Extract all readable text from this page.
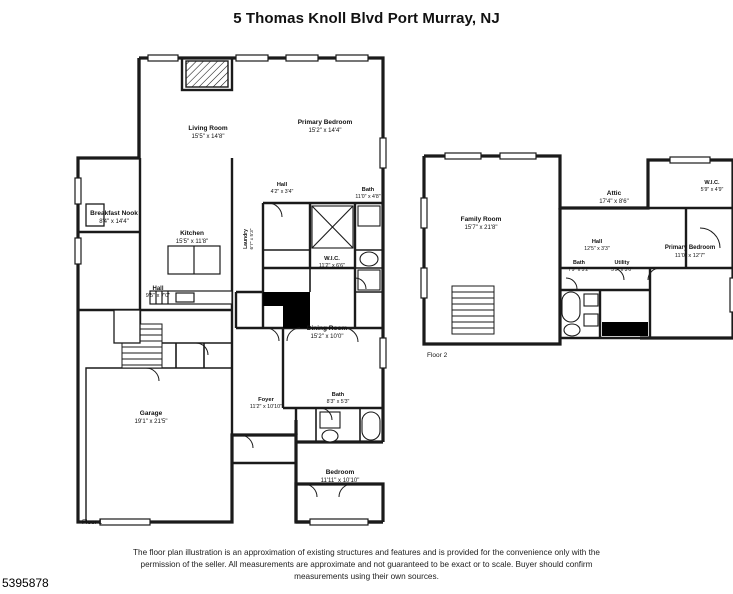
5 Thomas Knoll Blvd Port Murray, NJ
Living Room
15'5" x 14'8"
Primary Bedroom
15'2" x 14'4"
Breakfast Nook
8'4" x 14'4"
Kitchen
15'5" x 11'8"
Hall
4'2" x 3'4"	Bath
11'0" x 4'8"
Laundry 6'7" x 5'3"
W.I.C.
11'2" x 6'6"
Hall
9'5" x 7'0"
Dining Room
15'2" x 10'0"
Bath
8'3" x 5'3"
Foyer
11'2" x 10'10"
Garage
19'1" x 21'5"
Bedroom
11'11" x 10'10"
Family Room
15'7" x 21'8"
Attic
17'4" x 8'6"
W.I.C.
5'9" x 4'9"
Hall
12'5" x 3'3"
Bath
7'9" x 5'2"
Utility
5'5" x 3'0"
Primary Bedroom
11'0" x 12'7"
Floor 1
Floor 2
The floor plan illustration is an approximation of existing structures and features and is provided for the convenience only with the
permission of the seller. All measurements are approximate and not guaranteed to be exact or to scale. Buyer should confirm
measurements using their own sources.
5395878
